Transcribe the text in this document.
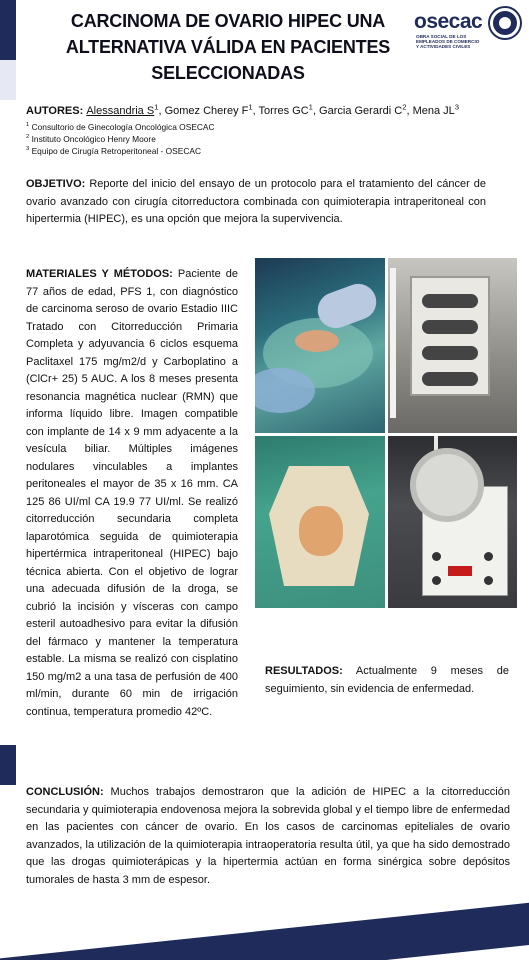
CARCINOMA DE OVARIO HIPEC UNA
ALTERNATIVA VÁLIDA EN PACIENTES
SELECCIONADAS
osecac
OBRA SOCIAL DE LOS
EMPLEADOS DE COMERCIO
Y ACTIVIDADES CIVILES
AUTORES: Alessandria $S^1$, Gomez Cherey $F^1$, Torres $GC^1$, Garcia Gerardi $C^2$, Mena $JL^3$
$^1$ Consultorio de Ginecología Oncológica OSECAC
$^2$ Instituto Oncológico Henry Moore
$^3$ Equipo de Cirugía Retroperitoneal - OSECAC
OBJETIVO: Reporte del inicio del ensayo de un protocolo para el tratamiento del cáncer de ovario avanzado con cirugía citorreductora combinada con quimioterapia intraperitoneal con hipertermia (HIPEC), es una opción que mejora la supervivencia.
MATERIALES Y MÉTODOS: Paciente de 77 años de edad, PFS 1, con diagnóstico de carcinoma seroso de ovario Estadio IIIC Tratado con Citorreducción Primaria Completa y adyuvancia 6 ciclos esquema Paclitaxel 175 mg/m2/d y Carboplatino a (ClCr+ 25) 5 AUC. A los 8 meses presenta resonancia magnética nuclear (RMN) que informa líquido libre. Imagen compatible con implante de 14 x 9 mm adyacente a la vesícula biliar. Múltiples imágenes nodulares vinculables a implantes peritoneales el mayor de 35 x 16 mm. CA 125 86 UI/ml CA 19.9 77 UI/ml. Se realizó citorreducción secundaria completa laparotómica seguida de quimioterapia hipertérmica intraperitoneal (HIPEC) bajo técnica abierta. Con el objetivo de lograr una adecuada difusión de la droga, se cubrió la incisión y vísceras con campo esteril autoadhesivo para evitar la difusión del fármaco y mantener la temperatura estable. La misma se realizó con cisplatino 150 mg/m2 a una tasa de perfusión de 400 ml/min, durante 60 min de irrigación continua, temperatura promedio 42ºC.
RESULTADOS: Actualmente 9 meses de seguimiento, sin evidencia de enfermedad.
CONCLUSIÓN: Muchos trabajos demostraron que la adición de HIPEC a la citorreducción secundaria y quimioterapia endovenosa mejora la sobrevida global y el tiempo libre de enfermedad en las pacientes con cáncer de ovario. En los casos de carcinomas epiteliales de ovario avanzados, la utilización de la quimioterapia intraoperatoria resulta útil, ya que ha sido demostrado que las drogas quimioterápicas y la hipertermia actúan en forma sinérgica sobre depósitos tumorales de hasta 3 mm de espesor.
